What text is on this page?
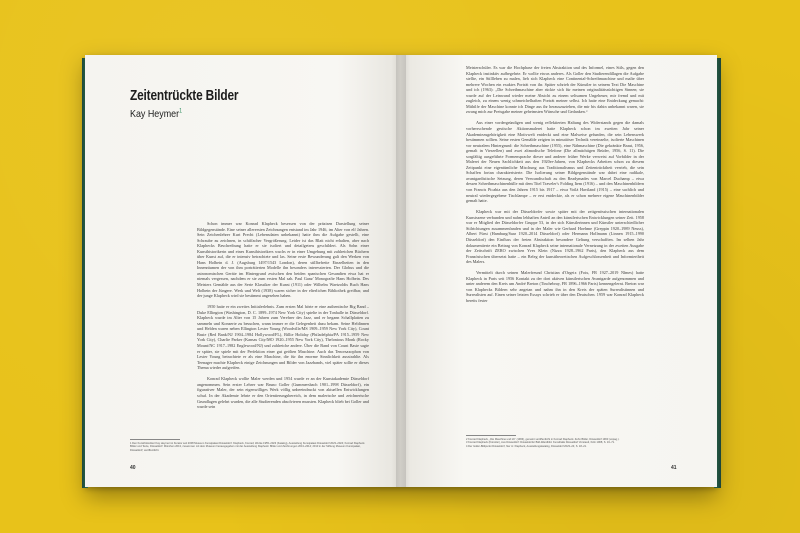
Zeitentrückte Bilder
Kay Heymer$^1$

Schon immer war Konrad Klapheck besessen von der präzisen Darstellung seiner Bildgegenstände. Eine seiner allerersten Zeichnungen entstand im Jahr 1946, im Alter von elf Jahren. Sein Zeichenlehrer Kurt Precht (Lebensdaten unbekannt) hatte ihm die Aufgabe gestellt, eine Schraube zu zeichnen, in schiffacher Vergrößerung. Leider ist das Blatt nicht erhalten, aber nach Klaphecks Beschreibung hatte er sie isoliert und detailgetreu geschildert. Als Sohn einer Kunsthistorikerin und eines Kunsthistorikers wuchs er in einer Umgebung mit zahlreichen Büchern über Kunst auf, die er intensiv betrachtete und las. Seine erste Bewunderung galt den Werken von Hans Holbein d. J. (Augsburg 1497/1543 London), deren stillbefreite Einzelheiten in den Innenräumen der von ihm porträtierten Modelle ihn besonders interessierten. Der Globus und die astronomischen Geräte im Hintergrund zwischen den beiden spanischen Gesandten etwa hat er niemals vergessen, nachdem er sie zum ersten Mal sah. Paul Ganz' Monografie Hans Holbein. Des Meisters Gemälde aus der Serie Klassiker der Kunst (1911) oder Wilhelm Waetzoldts Buch Hans Holbein der Jüngere. Werk und Welt (1938) waren sicher in der elterlichen Bibliothek greifbar, und der junge Klapheck wird sie bestimmt angesehen haben.

1950 hatte er ein zweites Initialerlebnis. Zum ersten Mal hörte er eine authentische Big Band – Duke Ellington (Washington, D. C. 1899–1974 New York City) spielte in der Tonhalle in Düsseldorf. Klapheck wurde im Alter von 15 Jahren zum Verehrer des Jazz, und er begann Schallplatten zu sammeln und Konzerte zu besuchen, wann immer er die Gelegenheit dazu bekam. Seine Heldinnen und Helden waren neben Ellington Lester Young (Woodville/MS 1909–1959 New York City), Count Basie (Red Bank/NJ 1904–1984 Hollywood/FL), Billie Holiday (Philadelphia/PA 1915–1959 New York City), Charlie Parker (Kansas City/MO 1920–1955 New York City), Thelonious Monk (Rocky Mount/NC 1917–1982 Englewood/NJ) und zahlreiche andere. Über die Band von Count Basie sagte er später, sie spiele mit der Perfektion einer gut geölten Maschine. Auch das Tenorsaxophon von Lester Young betrachtete er als eine Maschine, die für ihn enorme Sinnlichkeit ausstrahlte. Als Teenager machte Klapheck einige Zeichnungen und Bilder von Jazzbands, viel später sollte er dieses Thema wieder aufgreifen.

Konrad Klapheck wollte Maler werden und 1954 wurde er an der Kunstakademie Düsseldorf angenommen. Sein erster Lehrer war Bruno Goller (Gummersbach 1901–1998 Düsseldorf), ein figurativer Maler, der sein eigenwilliges Werk völlig unbeeindruckt von aktuellen Entwicklungen schuf. In der Akademie lehrte er den Orientierungsbereich, in dem malerische und zeichnerische Grundlagen gelehrt wurden, die alle Studierenden absolvieren mussten. Klapheck blieb bei Goller und wurde sein

1 Den Kunsthistoriker Kay Heymer ist Kurator seit 2008 Museum Kunstpalast Düsseldorf. Klapheck, Konrad; Werke 1955–2023 (Katalog), Ausstellung Kunstpalast Düsseldorf 2023–2024; Konrad Klapheck. Bilder und Texte, Düsseldorf: München 2013, zusammen mit dem Museum herausgegeben mit der Ausstellung Klapheck: Bilder und Zeichnungen 2013–2014; 2013 in der Stiftung Museum Kunstpalast, Düsseldorf; veröffentlicht.
40

Meisterschüler. Es war die Hochphase der freien Abstraktion und des Informel, eines Stils, gegen den Klapheck instinktiv aufbegehrte. Er wollte etwas anderes. Als Goller den Studierendillagen die Aufgabe stellte, ein Stillleben zu malen, lieh sich Klapheck eine Continental-Schreibmaschine und malte über mehrere Wochen ein exaktes Porträt von ihr. Später schrieb der Künstler in seinem Text Die Maschine und ich (1963): „Die Schreibmaschine aber rückte sich für meinen originalitätssüchtigen Sinnen; sie wurde auf der Leinwand wieder meine Absicht zu einem seltsamen Ungeheuer, mir fremd und mit zugleich, zu einem wenig schmeichelhaften Porträt meiner selbst. Ich hatte eine Entdeckung gemacht: Mithilfe der Maschine konnte ich Dinge aus ihr herauszuziehen, die mir bis dahin unbekannt waren, sie zwang mich zur Preisgabe meiner geheimsten Wünsche und Gedanken.“

Aus einer vordergründigen und wenig reflektierten Haltung des Widerstands gegen die damals vorherrschende gestische Aktionsmalerei hatte Klapheck schon im zweiten Jahr seiner Akademiezugehörigkeit eine Motivwelt entdeckt und eine Malweise gefunden, die sein Lebenswerk bestimmen sollten. Seine ersten Gemälde zeigten in minutiöser Technik vereinzelte, isolierte Maschinen vor neutralem Hintergrund: die Schreibmaschine (1955), eine Nähmaschine (Die gekränkte Braut, 1956, gemalt in Vierzellen) und zwei altmodische Telefone (Die allmächtigen Brüder, 1956, S. 11). Die sorgfältig ausgeführte Formensprache dieser und anderer früher Werke verweist auf Vorbilder in der Malerei der Neuen Sachlichkeit aus den 1920er-Jahren, von Klaphecks Arbeiten schon zu diesem Zeitpunkt eine eigentümliche Mischung aus Traditionalismus und Zeitentrücktheit verrieb, die sein Schaffen fortan charakterisierte. Die Isolierung seiner Bildgegenstände war dabei eine radikale, avantgardistische Setzung, deren Verwandtschaft zu den Readymades von Marcel Duchamp – etwa dessen Schreibmaschinenhülle mit dem Titel Traveler's Folding Item (1916) – und den Maschinenbildern von Francis Picabia aus den Jahren 1915 bis 1917 – etwa Voilà Haviland (1915) – eine sachlich und neutral wiedergegebene Tischlampe – er erst entdeckte, als er schon mehrere eigene Maschinenbilder gemalt hatte.

Klapheck war mit der Düsseldorfer sowie später mit der zeitgenössischen internationalen Kunstszene verbunden und nahm lebhaften Anteil an den künstlerischen Entwicklungen seiner Zeit. 1958 war er Mitglied der Düsseldorfer Gruppe 53, in der sich Künstlerinnen und Künstler unterschiedlicher Stilrichtungen zusammenfanden und in der Maler wie Gerhard Hoehme (Greppin 1920–1989 Neuss), Albert Fürst (Hamburg/Saar 1920–2014 Düsseldorf) oder Hermann Hollmann (Linnen 1915–1990 Düsseldorf) den Einfluss der freien Abstraktion besondere Geltung verschafften. Im selben Jahr dokumentierte ein Beitrag von Konrad Klapheck seine internationale Vernetzung in der zweiten Ausgabe der Zeitschrift ZERO zwischen Yves Klein (Nizza 1928–1962 Paris), den Klapheck aus dem Französischen übersetzt hatte – ein Beleg der kunsttheoretischen Aufgeschlossenheit und Informiertheit des Malers.

Vermittelt durch seinen Malerfreund Christian d'Orgeix (Foix, FR 1927–2019 Nîmes) hatte Klapheck in Paris seit 1956 Kontakt zu der dort aktiven künstlerischen Avantgarde aufgenommen und unter anderem den Kreis um André Breton (Tinchebray, FR 1896–1966 Paris) kennengelernt. Breton war von Klaphecks Bildern sehr angetan und nahm ihn in den Kreis der späten Surrealistinnen und Surrealisten auf. Einen seiner letzten Essays schrieb er über den Deutschen. 1959 war Konrad Klapheck bereits fester

2 Konrad Klapheck, „Die Maschine und ich“ (1963), gemeint veröffentlicht in Konrad Klapheck. Zehn Bilder, Düsseldorf 1963 (unpag.).
3 Konrad Klapheck (Künstler), Aus Düsseldorf: Düsseldorfer Bild-Wandbild. Kunsthalle Düsseldorf Vorstand, Köln 1968, S. 16–71.
4 Der Goller-Bildpunkt Düsseldorf, hier in: Klapheck, Ausstellungskatalog, Düsseldorf 2023–24; S. 18–21.
41
